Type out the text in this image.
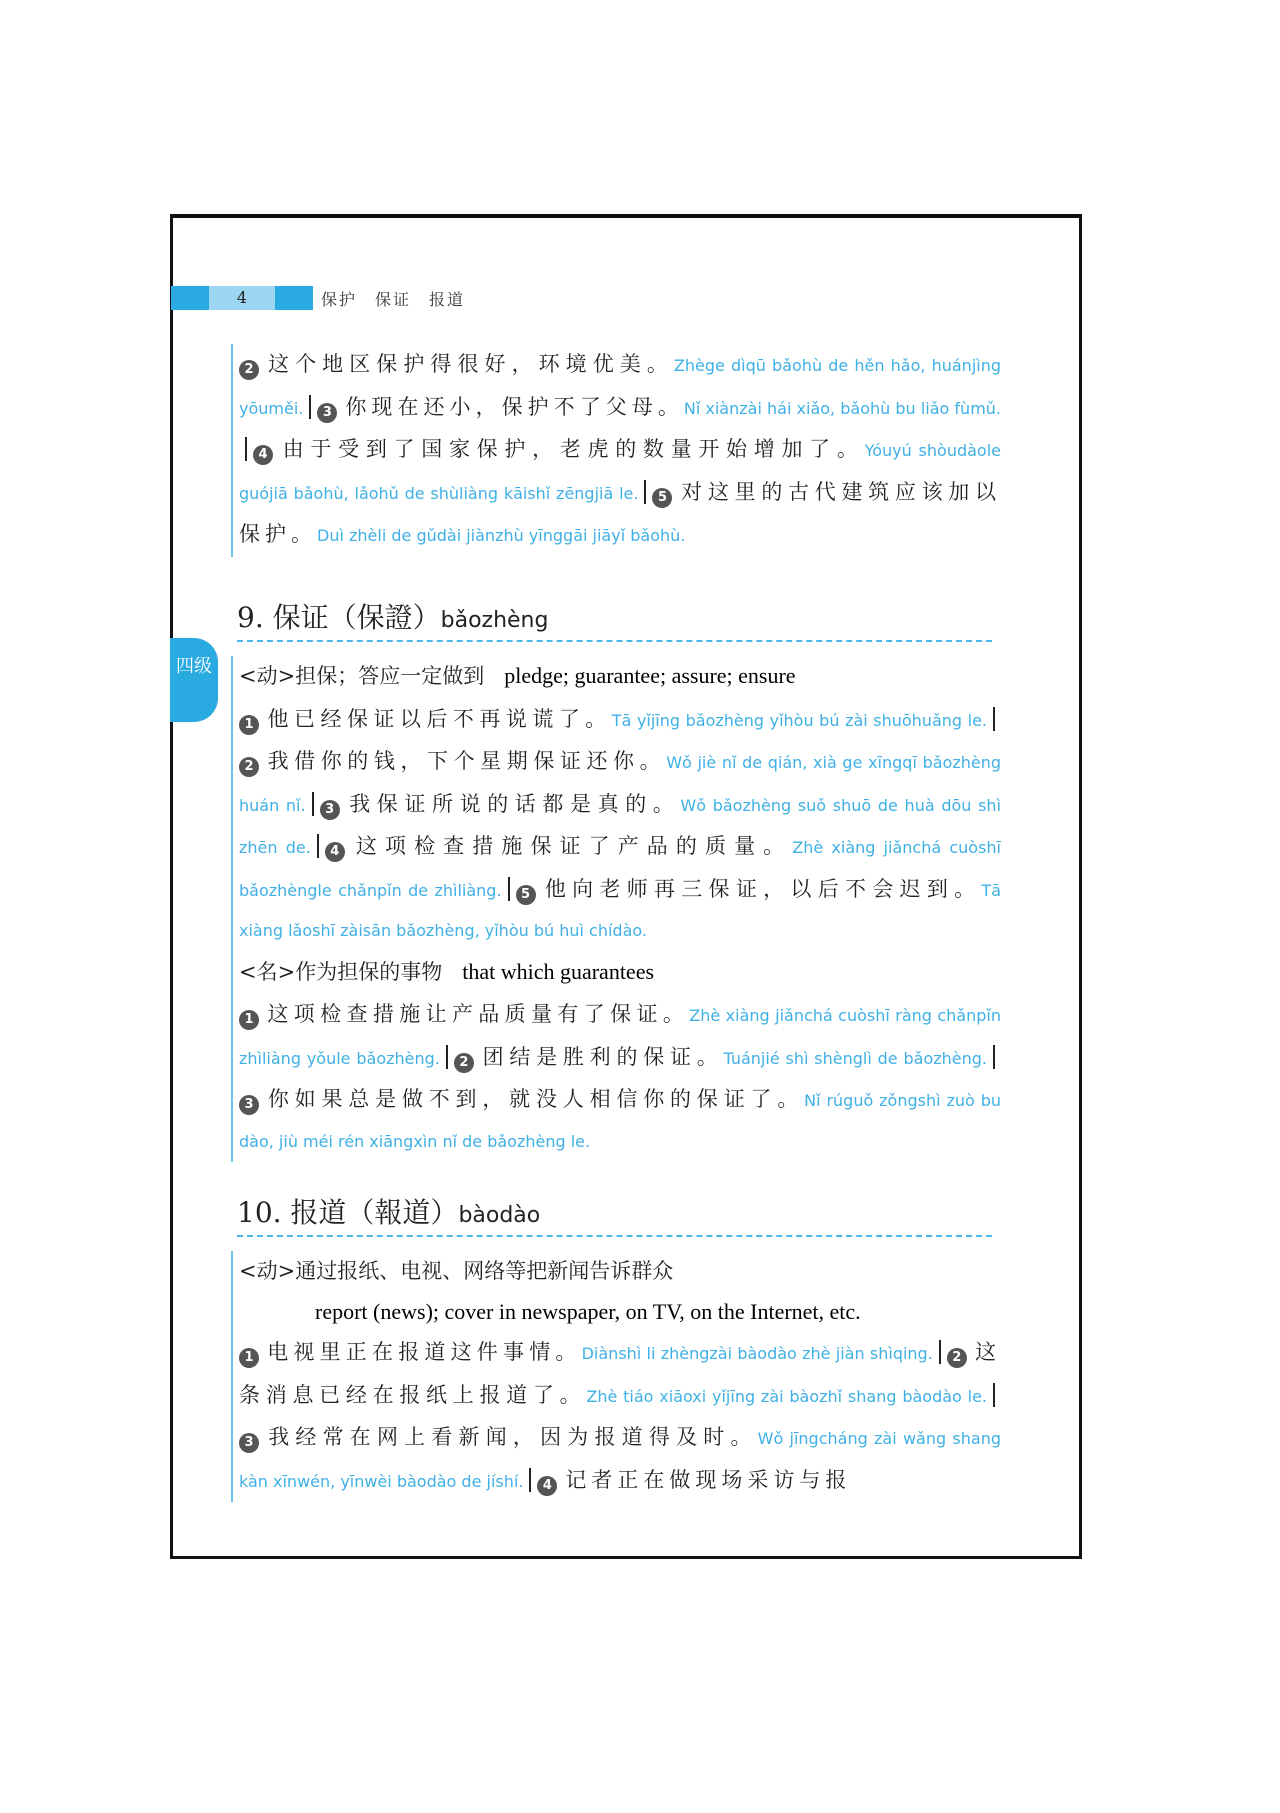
4	保护　保证　报道
四级
2 这个地区保护得很好，环境优美。Zhège dìqū bǎohù de hěn hǎo, huánjìng yōuměi. 3 你现在还小，保护不了父母。Nǐ xiànzài hái xiǎo, bǎohù bu liǎo fùmǔ.4 由于受到了国家保护，老虎的数量开始增加了。Yóuyú shòudàole guójiā bǎohù, lǎohǔ de shùliàng kāishǐ zēngjiā le. 5 对这里的古代建筑应该加以保护。Duì zhèli de gǔdài jiànzhù yīnggāi jiāyǐ bǎohù.
9. 保证（保證）bǎozhèng
<动>担保；答应一定做到 pledge; guarantee; assure; ensure
1 他已经保证以后不再说谎了。Tā yǐjīng bǎozhèng yǐhòu bú zài shuōhuǎng le.2 我借你的钱，下个星期保证还你。Wǒ jiè nǐ de qián, xià ge xīngqī bǎozhèng huán nǐ. 3 我保证所说的话都是真的。Wǒ bǎozhèng suǒ shuō de huà dōu shì zhēn de. 4 这项检查措施保证了产品的质量。Zhè xiàng jiǎnchá cuòshī bǎozhèngle chǎnpǐn de zhìliàng. 5 他向老师再三保证，以后不会迟到。Tā xiàng lǎoshī zàisān bǎozhèng, yǐhòu bú huì chídào.
<名>作为担保的事物 that which guarantees
1 这项检查措施让产品质量有了保证。Zhè xiàng jiǎnchá cuòshī ràng chǎnpǐn zhìliàng yǒule bǎozhèng. 2 团结是胜利的保证。Tuánjié shì shènglì de bǎozhèng.3 你如果总是做不到，就没人相信你的保证了。Nǐ rúguǒ zǒngshì zuò bu dào, jiù méi rén xiāngxìn nǐ de bǎozhèng le.
10. 报道（報道）bàodào
<动>通过报纸、电视、网络等把新闻告诉群众
report (news); cover in newspaper, on TV, on the Internet, etc.
1 电视里正在报道这件事情。Diànshì li zhèngzài bàodào zhè jiàn shìqing. 2 这条消息已经在报纸上报道了。Zhè tiáo xiāoxi yǐjīng zài bàozhǐ shang bàodào le.3 我经常在网上看新闻，因为报道得及时。Wǒ jīngcháng zài wǎng shang kàn xīnwén, yīnwèi bàodào de jíshí. 4 记者正在做现场采访与报
